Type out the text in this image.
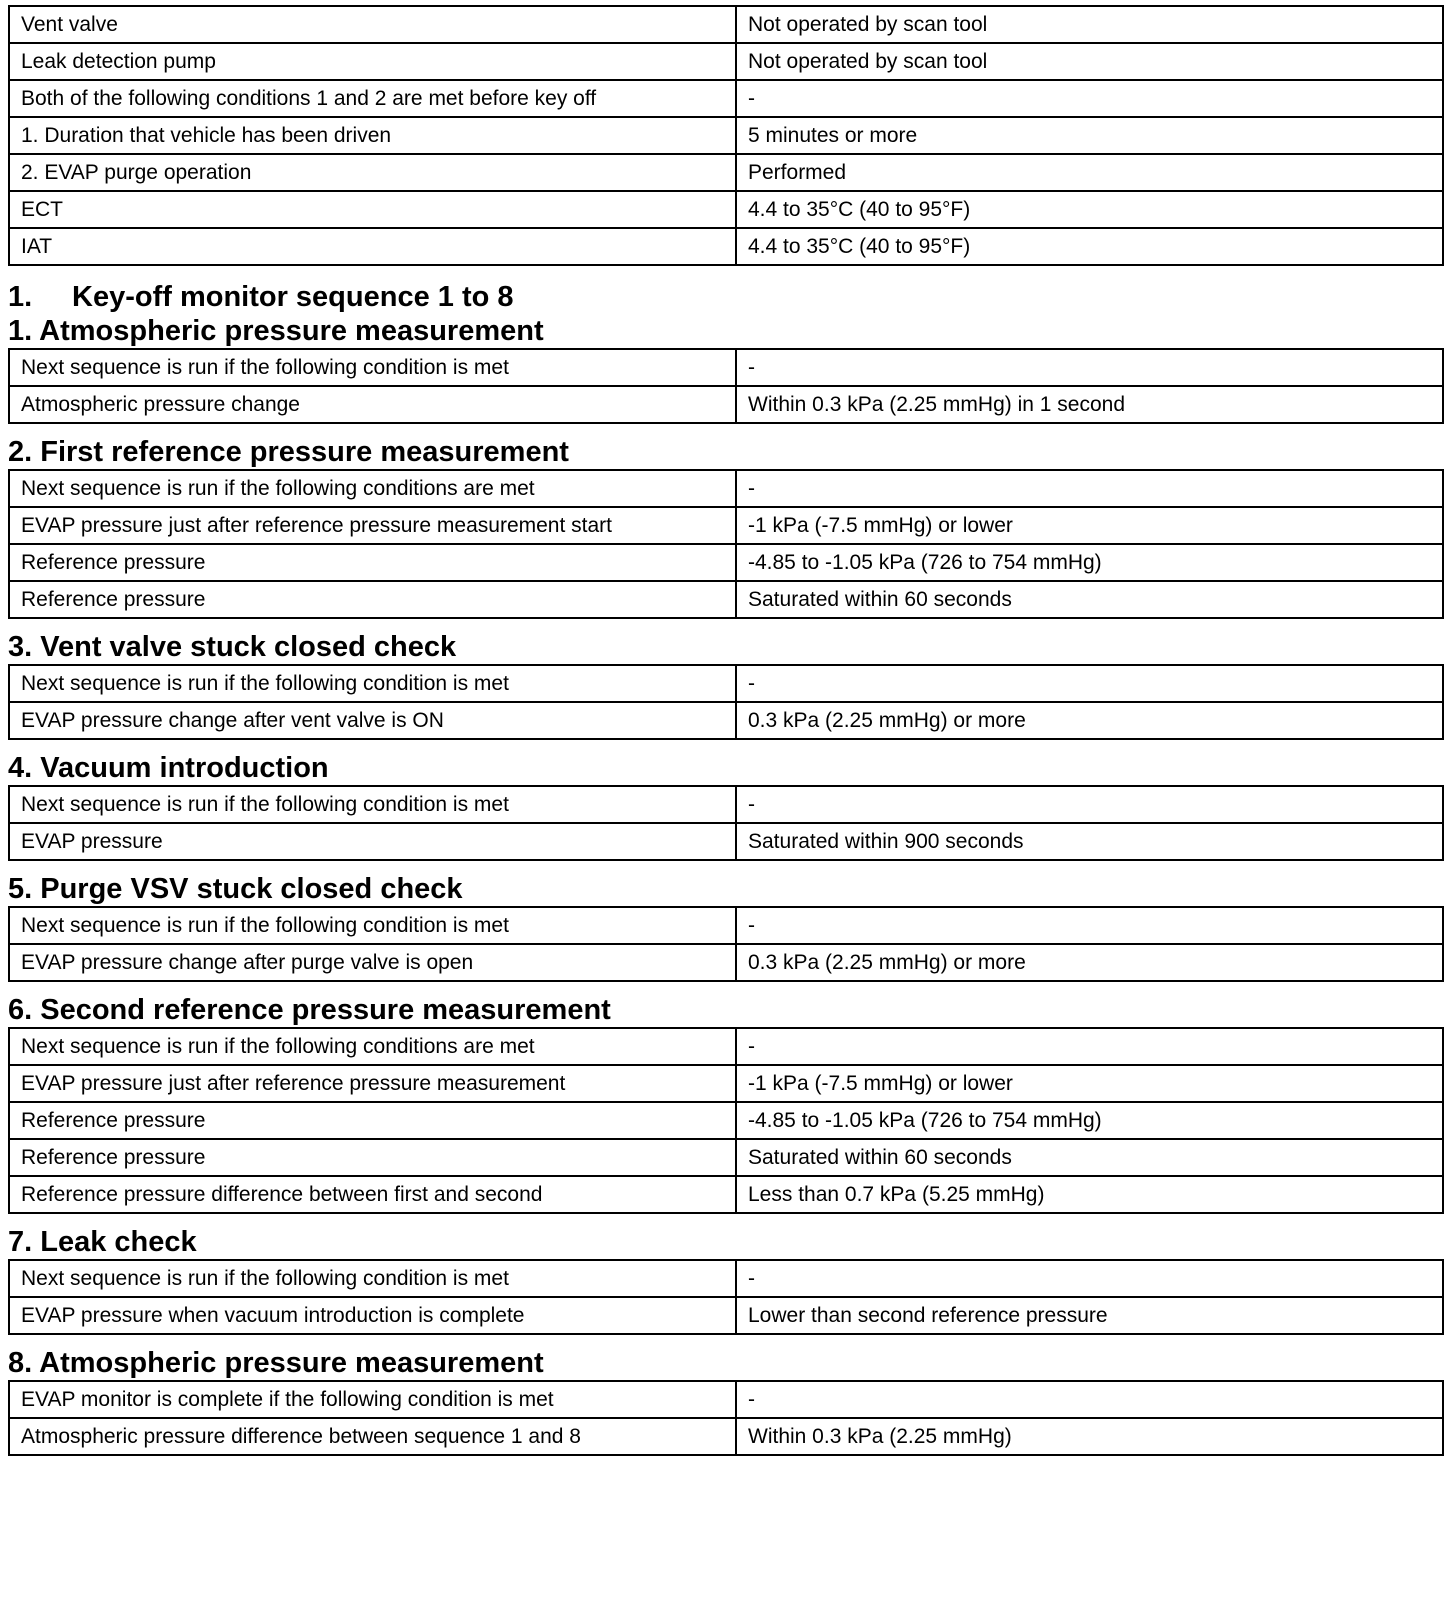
Vent valve	Not operated by scan tool
Leak detection pump	Not operated by scan tool
Both of the following conditions 1 and 2 are met before key off	-
1. Duration that vehicle has been driven	5 minutes or more
2. EVAP purge operation	Performed
ECT	4.4 to 35°C (40 to 95°F)
IAT	4.4 to 35°C (40 to 95°F)
1. Key-off monitor sequence 1 to 8
1. Atmospheric pressure measurement
Next sequence is run if the following condition is met	-
Atmospheric pressure change	Within 0.3 kPa (2.25 mmHg) in 1 second
2. First reference pressure measurement
Next sequence is run if the following conditions are met	-
EVAP pressure just after reference pressure measurement start	-1 kPa (-7.5 mmHg) or lower
Reference pressure	-4.85 to -1.05 kPa (726 to 754 mmHg)
Reference pressure	Saturated within 60 seconds
3. Vent valve stuck closed check
Next sequence is run if the following condition is met	-
EVAP pressure change after vent valve is ON	0.3 kPa (2.25 mmHg) or more
4. Vacuum introduction
Next sequence is run if the following condition is met	-
EVAP pressure	Saturated within 900 seconds
5. Purge VSV stuck closed check
Next sequence is run if the following condition is met	-
EVAP pressure change after purge valve is open	0.3 kPa (2.25 mmHg) or more
6. Second reference pressure measurement
Next sequence is run if the following conditions are met	-
EVAP pressure just after reference pressure measurement	-1 kPa (-7.5 mmHg) or lower
Reference pressure	-4.85 to -1.05 kPa (726 to 754 mmHg)
Reference pressure	Saturated within 60 seconds
Reference pressure difference between first and second	Less than 0.7 kPa (5.25 mmHg)
7. Leak check
Next sequence is run if the following condition is met	-
EVAP pressure when vacuum introduction is complete	Lower than second reference pressure
8. Atmospheric pressure measurement
EVAP monitor is complete if the following condition is met	-
Atmospheric pressure difference between sequence 1 and 8	Within 0.3 kPa (2.25 mmHg)
